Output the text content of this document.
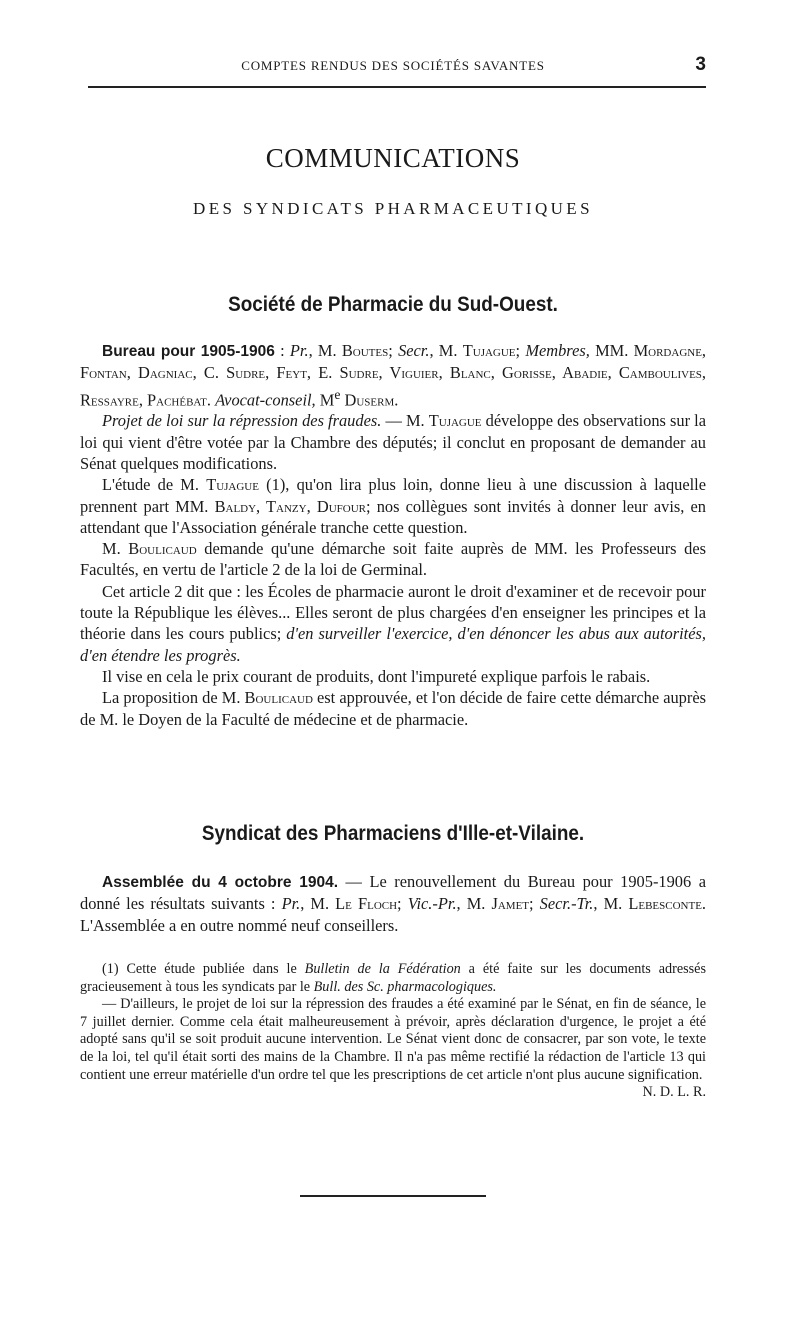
COMPTES RENDUS DES SOCIÉTÉS SAVANTES	3
COMMUNICATIONS
DES SYNDICATS PHARMACEUTIQUES
Société de Pharmacie du Sud-Ouest.

Bureau pour 1905-1906 : Pr., M. Boutes; Secr., M. Tujague; Membres, MM. Mordagne, Fontan, Dagniac, C. Sudre, Feyt, E. Sudre, Viguier, Blanc, Gorisse, Abadie, Camboulives, Ressayre, Pachébat. Avocat-conseil, Me Duserm.

Projet de loi sur la répression des fraudes. — M. Tujague développe des observations sur la loi qui vient d'être votée par la Chambre des députés; il conclut en proposant de demander au Sénat quelques modifications.

L'étude de M. Tujague (1), qu'on lira plus loin, donne lieu à une discussion à laquelle prennent part MM. Baldy, Tanzy, Dufour; nos collègues sont invités à donner leur avis, en attendant que l'Association générale tranche cette question.

M. Boulicaud demande qu'une démarche soit faite auprès de MM. les Professeurs des Facultés, en vertu de l'article 2 de la loi de Germinal.

Cet article 2 dit que : les Écoles de pharmacie auront le droit d'examiner et de recevoir pour toute la République les élèves... Elles seront de plus chargées d'en enseigner les principes et la théorie dans les cours publics; d'en surveiller l'exercice, d'en dénoncer les abus aux autorités, d'en étendre les progrès.

Il vise en cela le prix courant de produits, dont l'impureté explique parfois le rabais.

La proposition de M. Boulicaud est approuvée, et l'on décide de faire cette démarche auprès de M. le Doyen de la Faculté de médecine et de pharmacie.

Syndicat des Pharmaciens d'Ille-et-Vilaine.

Assemblée du 4 octobre 1904. — Le renouvellement du Bureau pour 1905-1906 a donné les résultats suivants : Pr., M. Le Floch; Vic.-Pr., M. Jamet; Secr.-Tr., M. Lebesconte. L'Assemblée a en outre nommé neuf conseillers.

(1) Cette étude publiée dans le Bulletin de la Fédération a été faite sur les documents adressés gracieusement à tous les syndicats par le Bull. des Sc. pharmacologiques.

— D'ailleurs, le projet de loi sur la répression des fraudes a été examiné par le Sénat, en fin de séance, le 7 juillet dernier. Comme cela était malheureusement à prévoir, après déclaration d'urgence, le projet a été adopté sans qu'il se soit produit aucune intervention. Le Sénat vient donc de consacrer, par son vote, le texte de la loi, tel qu'il était sorti des mains de la Chambre. Il n'a pas même rectifié la rédaction de l'article 13 qui contient une erreur matérielle d'un ordre tel que les prescriptions de cet article n'ont plus aucune signification.
N. D. L. R.
